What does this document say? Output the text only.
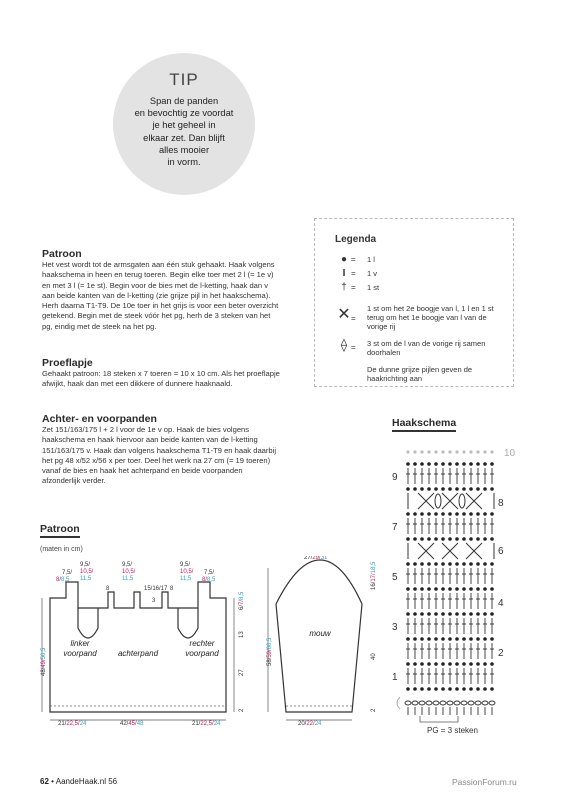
TIP
Span de panden
en bevochtig ze voordat
je het geheel in
elkaar zet. Dan blijft
alles mooier
in vorm.
Legenda
● = 1 l
I = 1 v
† = 1 st
✕ =
1 st om het 2e boogje van l, 1 l en 1 st terug om het 1e boogje van l van de vorige rij
⟠ = 3 st om de l van de vorige rij samen doorhalen
De dunne grijze pijlen geven de haakrichting aan
Patroon
Het vest wordt tot de armsgaten aan één stuk gehaakt. Haak volgens haakschema in heen en terug toeren. Begin elke toer met 2 l (= 1e v) en met 3 l (= 1e st). Begin voor de bies met de l-ketting, haak dan v aan beide kanten van de l-ketting (zie grijze pijl in het haakschema). Herh daarna T1-T9. De 10e toer in het grijs is voor een beter overzicht getekend. Begin met de steek vóór het pg, herh de 3 steken van het pg, eindig met de steek na het pg.
Proeflapje
Gehaakt patroon: 18 steken x 7 toeren = 10 x 10 cm. Als het proeflapje afwijkt, haak dan met een dikkere of dunnere haaknaald.
Achter- en voorpanden
Zet 151/163/175 l + 2 l voor de 1e v op. Haak de bies volgens haakschema en haak hiervoor aan beide kanten van de l-ketting 151/163/175 v. Haak dan volgens haakschema T1-T9 en haak daarbij het pg 48 x/52 x/56 x per toer. Deel het werk na 27 cm (= 19 toeren) vanaf de bies en haak het achterpand en beide voorpanden afzonderlijk verder.
Patroon
(maten in cm)
linker
voorpand	achterpand
rechter
voorpand
mouw
7,5/
8/8,5
9,5/
10,5/
11,5
8
9,5/
10,5/
11,5
15/16/17
3
9,5/
10,5/
11,5
8
7,5/
8/8,5
48/49/50,5
6/7/8,5
13
27
2
27/29/31
58/59/60,5
16/17/18,5
40
2
21/22,5/24	42/45/48	21/22,5/24	20/22/24
Haakschema
10
9
8
7
6
5
4
3
2
1
PG = 3 steken
62 • AandeHaak.nl 56	PassionForum.ru
